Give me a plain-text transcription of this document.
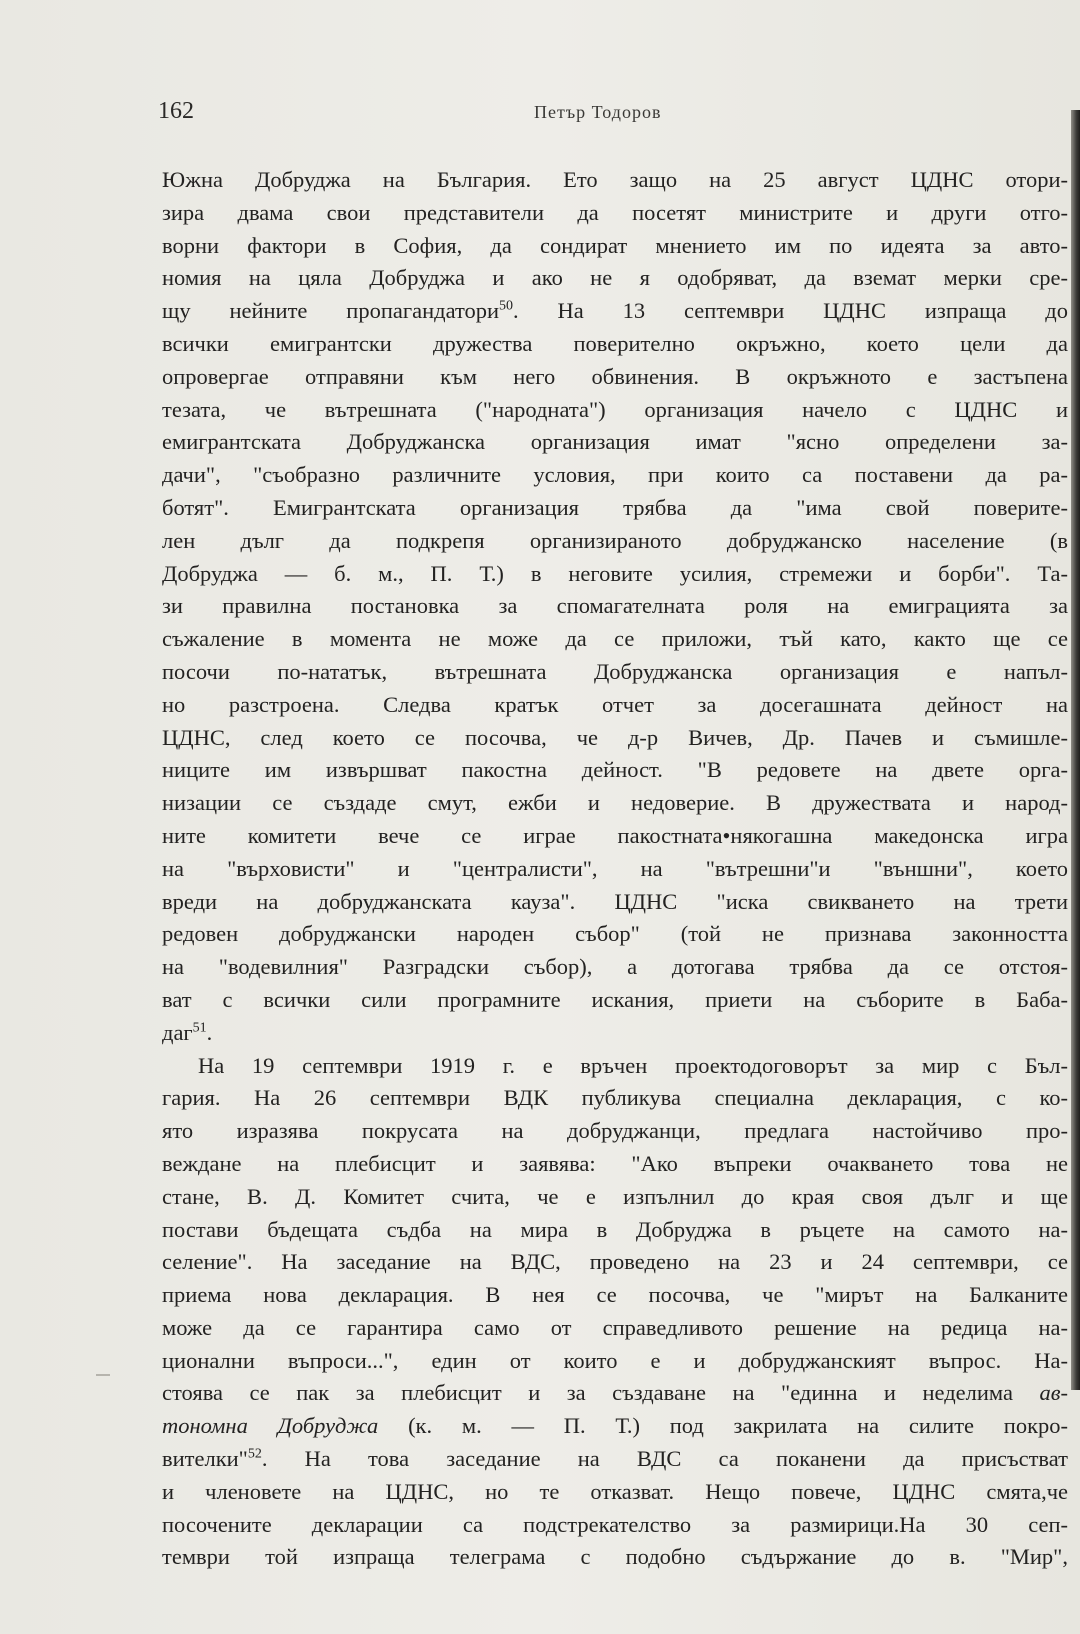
162	Петър Тодоров
Южна Добруджа на България. Ето защо на 25 август ЦДНС отори-
зира двама свои представители да посетят министрите и други отго-
ворни фактори в София, да сондират мнението им по идеята за авто-
номия на цяла Добруджа и ако не я одобряват, да вземат мерки сре-
щу нейните пропагандатори$^{50}$. На 13 септември ЦДНС изпраща до
всички емигрантски дружества поверително окръжно, което цели да
опровергае отправяни към него обвинения. В окръжното е застъпена
тезата, че вътрешната ("народната") организация начело с ЦДНС и
емигрантската Добруджанска организация имат "ясно определени за-
дачи", "съобразно различните условия, при които са поставени да ра-
ботят". Емигрантската организация трябва да "има свой поверите-
лен дълг да подкрепя организираното добруджанско население (в
Добруджа — б. м., П. Т.) в неговите усилия, стремежи и борби". Та-
зи правилна постановка за спомагателната роля на емиграцията за
съжаление в момента не може да се приложи, тъй като, както ще се
посочи по-нататък, вътрешната Добруджанска организация е напъл-
но разстроена. Следва кратък отчет за досегашната дейност на
ЦДНС, след което се посочва, че д-р Вичев, Др. Пачев и съмишле-
ниците им извършват пакостна дейност. "В редовете на двете орга-
низации се създаде смут, ежби и недоверие. В дружествата и народ-
ните комитети вече се играе пакостната•някогашна македонска игра
на "върховисти" и "централисти", на "вътрешни"и "външни", което
вреди на добруджанската кауза". ЦДНС "иска свикването на трети
редовен добруджански народен събор" (той не признава законността
на "водевилния" Разградски събор), а дотогава трябва да се отстоя-
ват с всички сили програмните искания, приети на съборите в Баба-
даг$^{51}$.
На 19 септември 1919 г. е връчен проектодоговорът за мир с Бъл-
гария. На 26 септември ВДК публикува специална декларация, с ко-
ято изразява покрусата на добруджанци, предлага настойчиво про-
веждане на плебисцит и заявява: "Ако въпреки очакването това не
стане, В. Д. Комитет счита, че е изпълнил до края своя дълг и ще
постави бъдещата съдба на мира в Добруджа в ръцете на самото на-
селение". На заседание на ВДС, проведено на 23 и 24 септември, се
приема нова декларация. В нея се посочва, че "мирът на Балканите
може да се гарантира само от справедливото решение на редица на-
ционални въпроси...", един от които е и добруджанският въпрос. На-
стоява се пак за плебисцит и за създаване на "единна и неделима ав-
тономна Добруджа (к. м. — П. Т.) под закрилата на силите покро-
вителки"$^{52}$. На това заседание на ВДС са поканени да присъстват
и членовете на ЦДНС, но те отказват. Нещо повече, ЦДНС смята,че
посочените декларации са подстрекателство за размирици.На 30 сеп-
тември той изпраща телеграма с подобно съдържание до в. "Мир",
